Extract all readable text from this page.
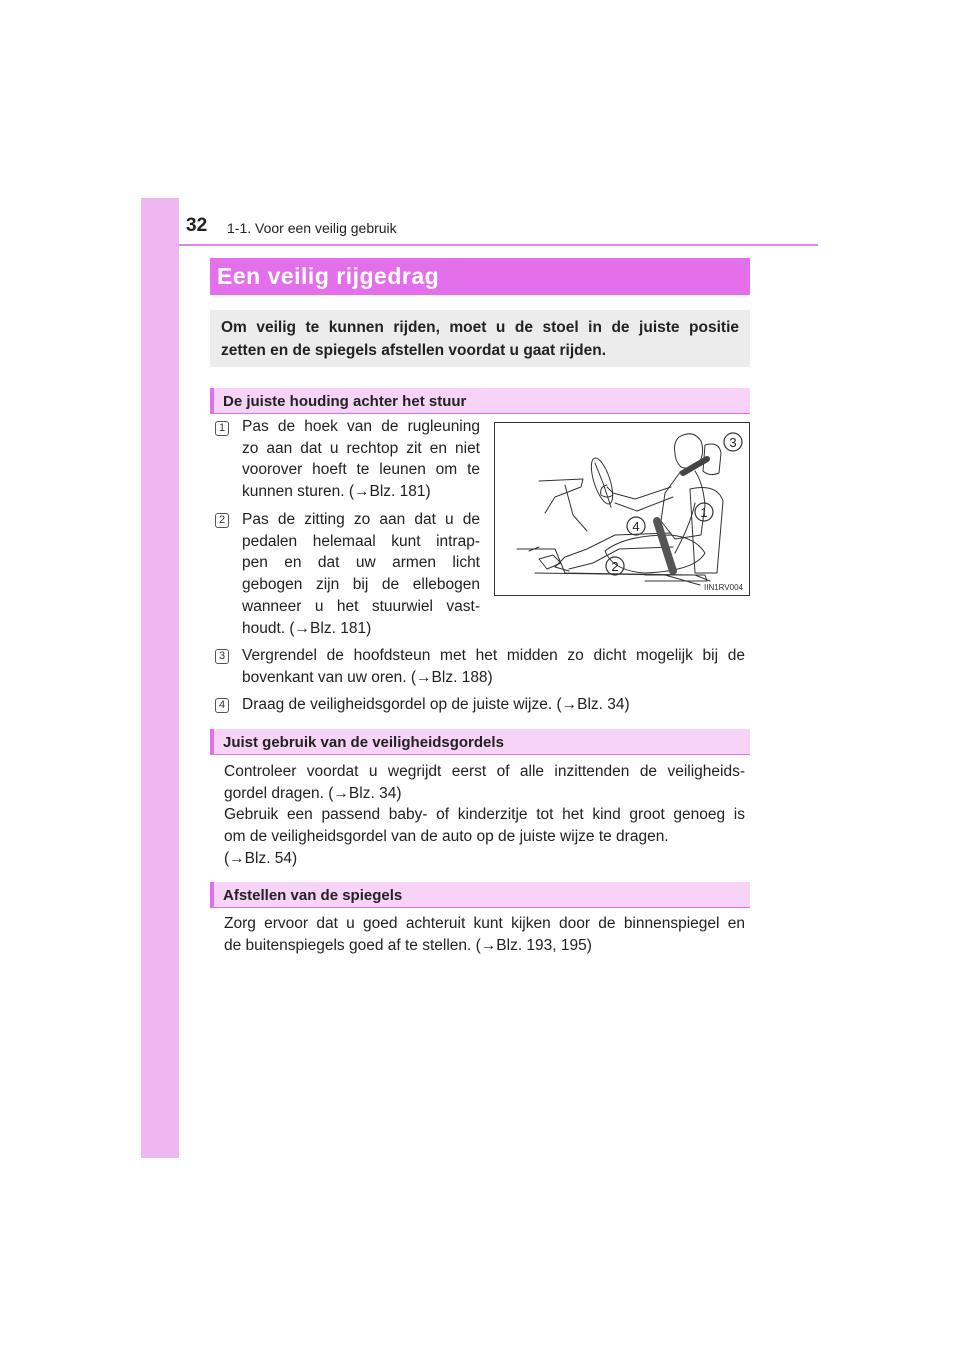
32 1-1. Voor een veilig gebruik
Een veilig rijgedrag
Om veilig te kunnen rijden, moet u de stoel in de juiste positie
zetten en de spiegels afstellen voordat u gaat rijden.
De juiste houding achter het stuur
1 Pas de hoek van de rugleuning
zo aan dat u rechtop zit en niet
voorover hoeft te leunen om te
kunnen sturen. (→Blz. 181)
2 Pas de zitting zo aan dat u de
pedalen helemaal kunt intrap-
pen en dat uw armen licht
gebogen zijn bij de ellebogen
wanneer u het stuurwiel vast-
houdt. (→Blz. 181)
3
1
4
2
IIN1RV004
3 Vergrendel de hoofdsteun met het midden zo dicht mogelijk bij de
bovenkant van uw oren. (→Blz. 188)
4 Draag de veiligheidsgordel op de juiste wijze. (→Blz. 34)
Juist gebruik van de veiligheidsgordels
Controleer voordat u wegrijdt eerst of alle inzittenden de veiligheids-
gordel dragen. (→Blz. 34)
Gebruik een passend baby- of kinderzitje tot het kind groot genoeg is
om de veiligheidsgordel van de auto op de juiste wijze te dragen.
(→Blz. 54)
Afstellen van de spiegels
Zorg ervoor dat u goed achteruit kunt kijken door de binnenspiegel en
de buitenspiegels goed af te stellen. (→Blz. 193, 195)
